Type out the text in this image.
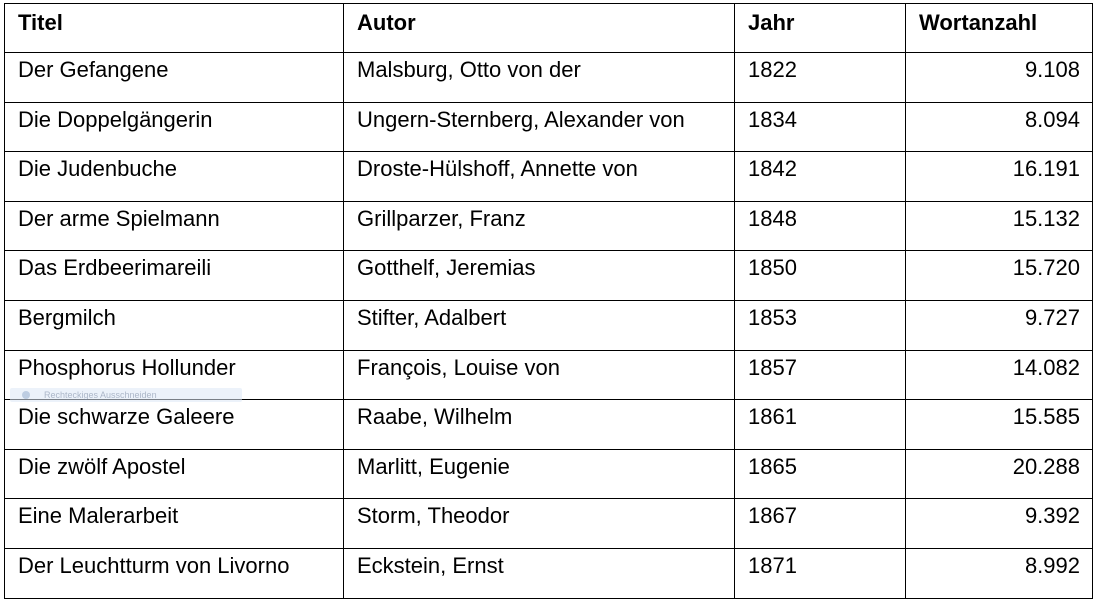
Titel	Autor	Jahr	Wortanzahl
Der Gefangene	Malsburg, Otto von der	1822	9.108
Die Doppelgängerin	Ungern-Sternberg, Alexander von	1834	8.094
Die Judenbuche	Droste-Hülshoff, Annette von	1842	16.191
Der arme Spielmann	Grillparzer, Franz	1848	15.132
Das Erdbeerimareili	Gotthelf, Jeremias	1850	15.720
Bergmilch	Stifter, Adalbert	1853	9.727
Phosphorus Hollunder	François, Louise von	1857	14.082
Die schwarze Galeere	Raabe, Wilhelm	1861	15.585
Die zwölf Apostel	Marlitt, Eugenie	1865	20.288
Eine Malerarbeit	Storm, Theodor	1867	9.392
Der Leuchtturm von Livorno	Eckstein, Ernst	1871	8.992
Rechteckiges Ausschneiden
